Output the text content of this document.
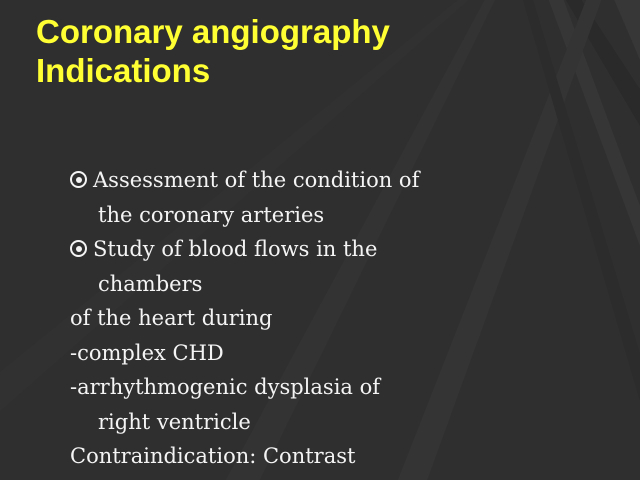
Coronary angiography
Indications
Assessment of the condition of
the coronary arteries
Study of blood flows in the
chambers
of the heart during
-complex CHD
-arrhythmogenic dysplasia of
right ventricle
Contraindication: Contrast
